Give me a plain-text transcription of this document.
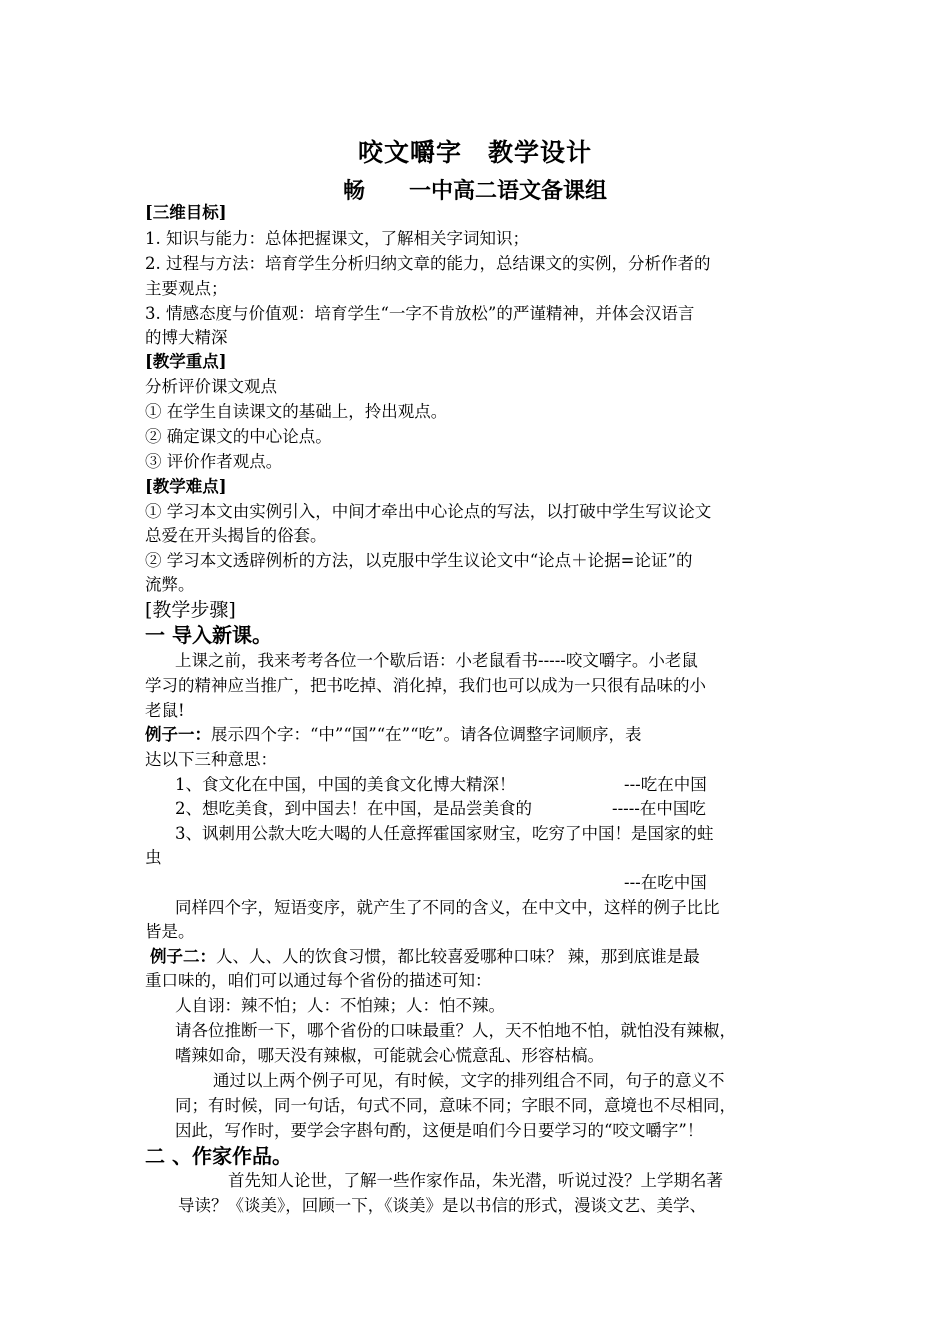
咬文嚼字　教学设计
畅　　一中高二语文备课组
[三维目标]
1. 知识与能力：总体把握课文，了解相关字词知识；
2. 过程与方法：培育学生分析归纳文章的能力，总结课文的实例，分析作者的
主要观点；
3. 情感态度与价值观：培育学生“一字不肯放松”的严谨精神，并体会汉语言
的博大精深
[教学重点]
分析评价课文观点
① 在学生自读课文的基础上，拎出观点。
② 确定课文的中心论点。
③ 评价作者观点。
[教学难点]
① 学习本文由实例引入，中间才牵出中心论点的写法，以打破中学生写议论文
总爱在开头揭旨的俗套。
② 学习本文透辟例析的方法，以克服中学生议论文中“论点＋论据=论证”的
流弊。
[教学步骤]
一 导入新课。
上课之前，我来考考各位一个歇后语：小老鼠看书-----咬文嚼字。小老鼠
学习的精神应当推广，把书吃掉、消化掉，我们也可以成为一只很有品味的小
老鼠!
例子一：展示四个字：“中”“国”“在”“吃”。请各位调整字词顺序，表
达以下三种意思：
1、食文化在中国，中国的美食文化博大精深！	---吃在中国
2、想吃美食，到中国去！在中国，是品尝美食的	-----在中国吃
3、讽刺用公款大吃大喝的人任意挥霍国家财宝，吃穷了中国！是国家的蛀
虫
---在吃中国
同样四个字，短语变序，就产生了不同的含义，在中文中，这样的例子比比
皆是。
例子二：人、人、人的饮食习惯，都比较喜爱哪种口味？ 辣，那到底谁是最
重口味的，咱们可以通过每个省份的描述可知：
人自诩：辣不怕；人：不怕辣；人：怕不辣。
请各位推断一下，哪个省份的口味最重？人，天不怕地不怕，就怕没有辣椒，
嗜辣如命，哪天没有辣椒，可能就会心慌意乱、形容枯槁。
通过以上两个例子可见，有时候，文字的排列组合不同，句子的意义不
同；有时候，同一句话，句式不同，意味不同；字眼不同，意境也不尽相同，
因此，写作时，要学会字斟句酌，这便是咱们今日要学习的“咬文嚼字”！
二 、作家作品。
首先知人论世，了解一些作家作品，朱光潜，听说过没？上学期名著
导读？《谈美》，回顾一下，《谈美》是以书信的形式，漫谈文艺、美学、
